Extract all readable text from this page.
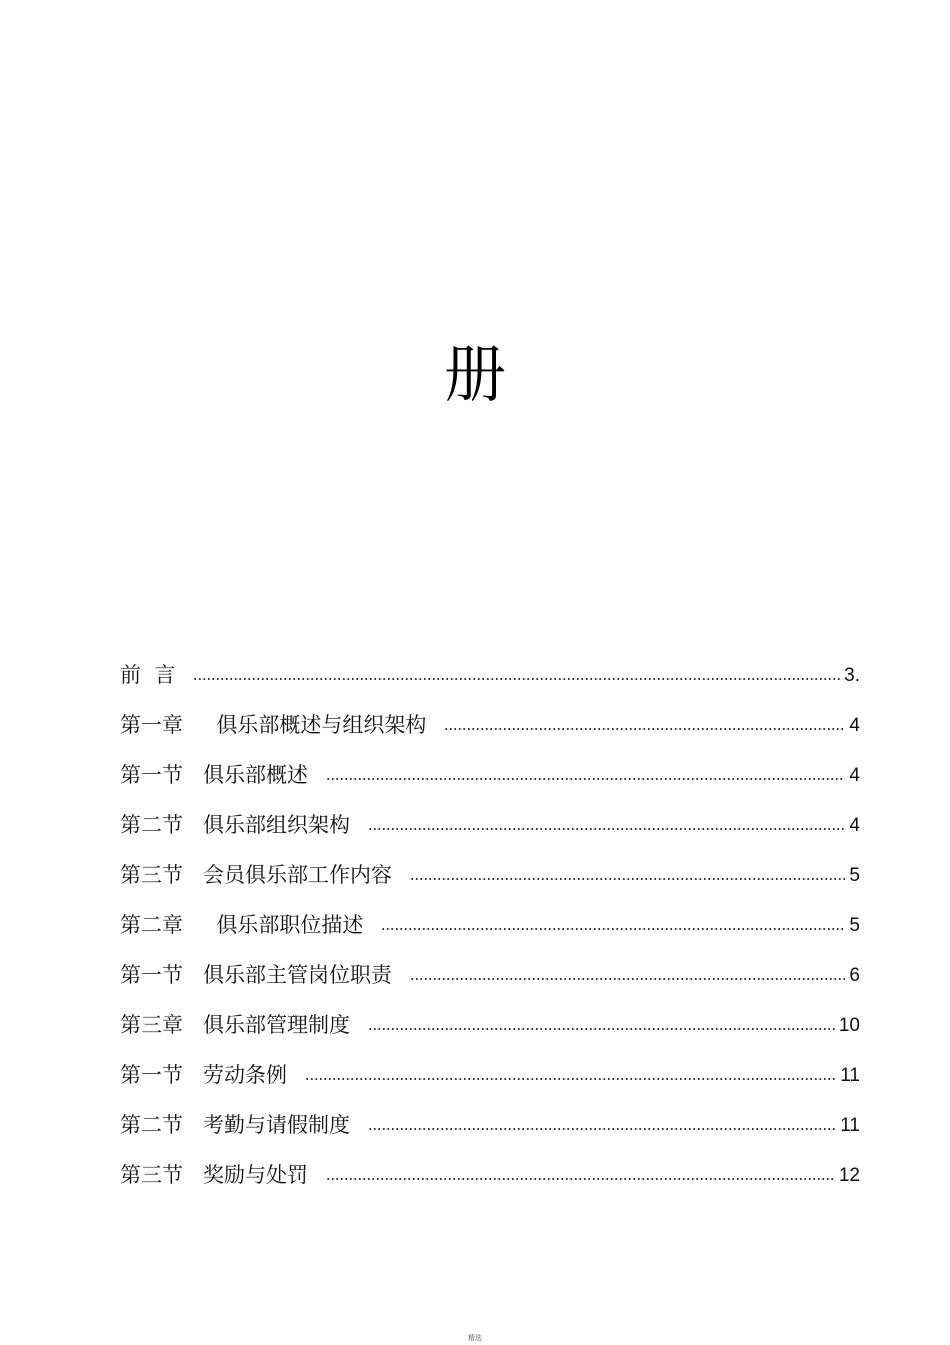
册
前  言	3.
第一章     俱乐部概述与组织架构	4
第一节   俱乐部概述	4
第二节   俱乐部组织架构	4
第三节   会员俱乐部工作内容	5
第二章     俱乐部职位描述	5
第一节   俱乐部主管岗位职责	6
第三章   俱乐部管理制度	10
第一节   劳动条例	11
第二节   考勤与请假制度	11
第三节   奖励与处罚	12
精选
